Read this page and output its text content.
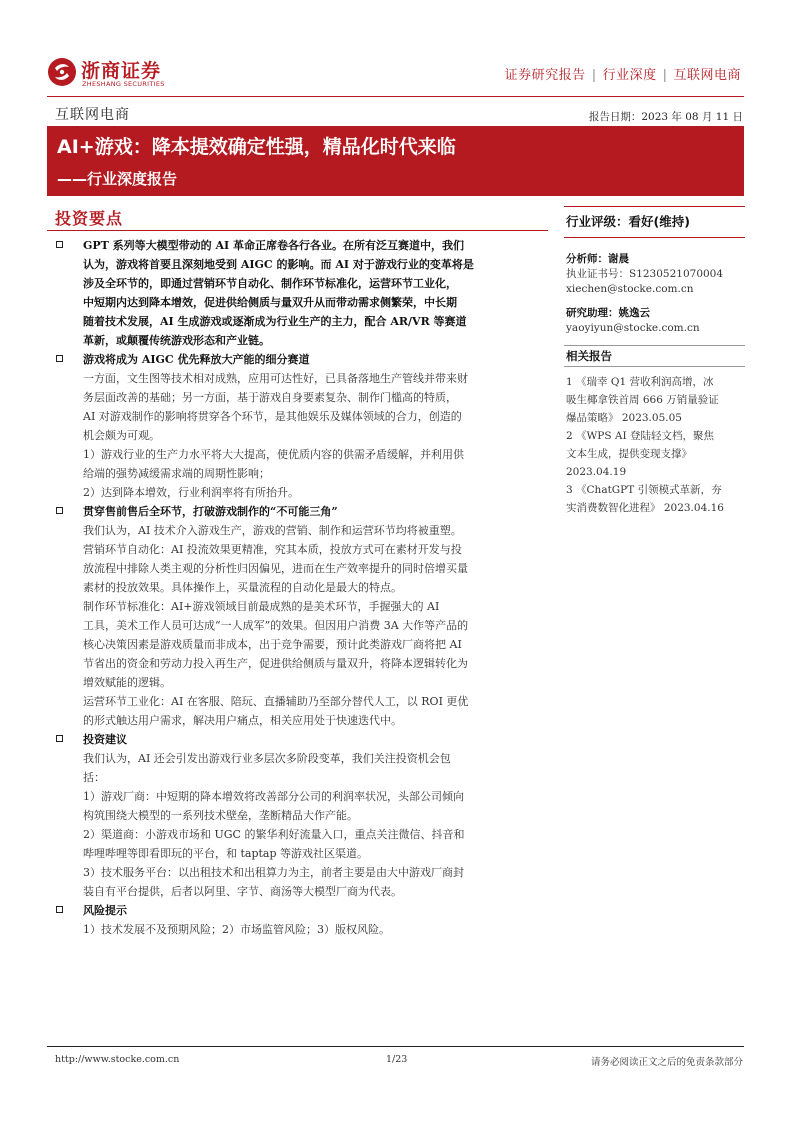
浙商证券
ZHESHANG SECURITIES
证券研究报告 | 行业深度 | 互联网电商
互联网电商	报告日期：2023 年 08 月 11 日
AI+游戏：降本提效确定性强，精品化时代来临
——行业深度报告
投资要点

GPT 系列等大模型带动的 AI 革命正席卷各行各业。在所有泛互赛道中，我们

认为，游戏将首要且深刻地受到 AIGC 的影响。而 AI 对于游戏行业的变革将是

涉及全环节的，即通过营销环节自动化、制作环节标准化，运营环节工业化，

中短期内达到降本增效，促进供给侧质与量双升从而带动需求侧繁荣，中长期

随着技术发展，AI 生成游戏或逐渐成为行业生产的主力，配合 AR/VR 等赛道

革新，或颠覆传统游戏形态和产业链。

游戏将成为 AIGC 优先释放大产能的细分赛道

一方面，文生图等技术相对成熟，应用可达性好，已具备落地生产管线并带来财

务层面改善的基础；另一方面，基于游戏自身要素复杂、制作门槛高的特质，

AI 对游戏制作的影响将贯穿各个环节，是其他娱乐及媒体领域的合力，创造的

机会颇为可观。

1）游戏行业的生产力水平将大大提高，使优质内容的供需矛盾缓解，并利用供

给端的强势减缓需求端的周期性影响；

2）达到降本增效，行业利润率将有所抬升。

贯穿售前售后全环节，打破游戏制作的“不可能三角”

我们认为，AI 技术介入游戏生产，游戏的营销、制作和运营环节均将被重塑。

营销环节自动化：AI 投流效果更精准，究其本质，投放方式可在素材开发与投

放流程中排除人类主观的分析性归因偏见，进而在生产效率提升的同时倍增买量

素材的投放效果。具体操作上，买量流程的自动化是最大的特点。

制作环节标准化：AI+游戏领域目前最成熟的是美术环节，手握强大的 AI

工具，美术工作人员可达成“一人成军”的效果。但因用户消费 3A 大作等产品的

核心决策因素是游戏质量而非成本，出于竞争需要，预计此类游戏厂商将把 AI

节省出的资金和劳动力投入再生产，促进供给侧质与量双升，将降本逻辑转化为

增效赋能的逻辑。

运营环节工业化：AI 在客服、陪玩、直播辅助乃至部分替代人工，以 ROI 更优

的形式触达用户需求，解决用户痛点，相关应用处于快速迭代中。

投资建议

我们认为，AI 还会引发出游戏行业多层次多阶段变革，我们关注投资机会包

括：

1）游戏厂商：中短期的降本增效将改善部分公司的利润率状况，头部公司倾向

构筑围绕大模型的一系列技术壁垒，垄断精品大作产能。

2）渠道商：小游戏市场和 UGC 的繁华利好流量入口，重点关注微信、抖音和

哔哩哔哩等即看即玩的平台，和 taptap 等游戏社区渠道。

3）技术服务平台：以出租技术和出租算力为主，前者主要是由大中游戏厂商封

装自有平台提供，后者以阿里、字节、商汤等大模型厂商为代表。

风险提示

1）技术发展不及预期风险；2）市场监管风险；3）版权风险。

行业评级：看好(维持)

分析师：谢晨

执业证书号：S1230521070004

xiechen@stocke.com.cn

研究助理：姚逸云

yaoyiyun@stocke.com.cn

相关报告

1 《瑞幸 Q1 营收利润高增，冰

吸生椰拿铁首周 666 万销量验证

爆品策略》 2023.05.05

2 《WPS AI 登陆轻文档，聚焦

文本生成，提供变现支撑》

2023.04.19

3 《ChatGPT 引领模式革新，夯

实消费数智化进程》 2023.04.16

http://www.stocke.com.cn	1/23	请务必阅读正文之后的免责条款部分
